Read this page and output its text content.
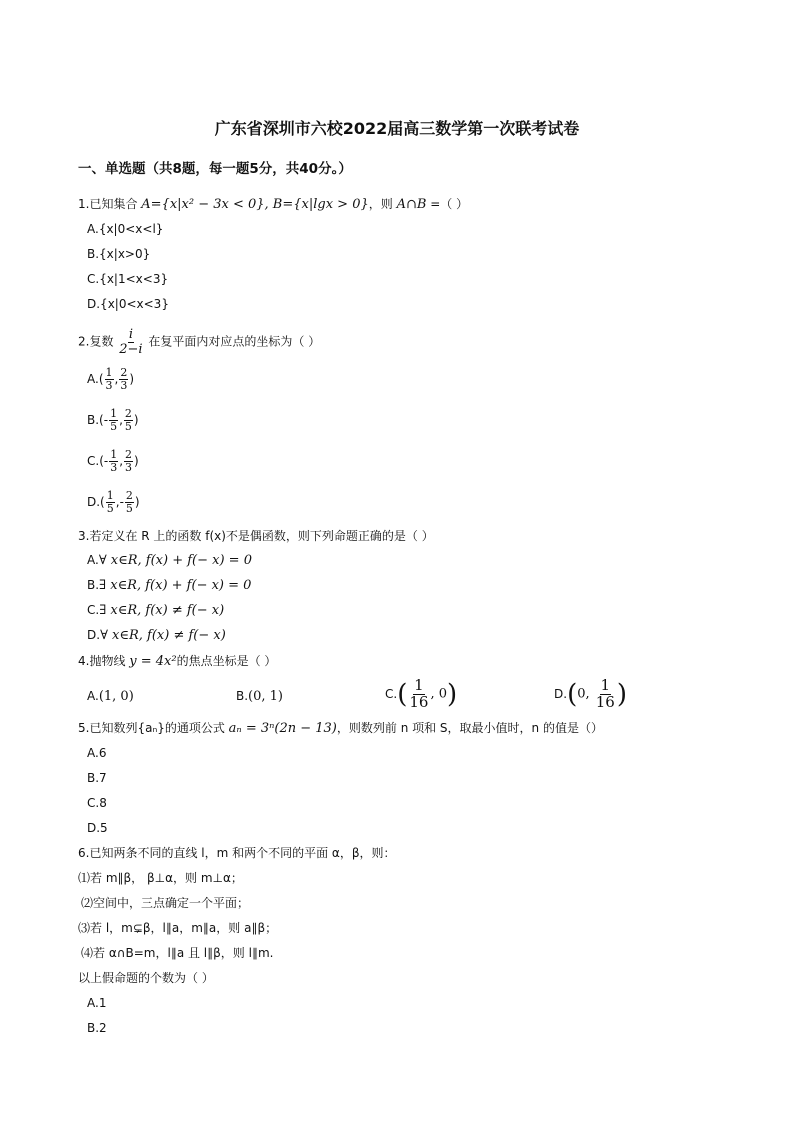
广东省深圳市六校2022届高三数学第一次联考试卷
一、单选题（共8题，每一题5分，共40分。）
1.已知集合 A={x|x² − 3x < 0}, B={x|lgx > 0}，则 A∩B =（ ）
A.{x|0<x<l}
B.{x|x>0}
C.{x|1<x<3}
D.{x|0<x<3}
2.复数 $\frac{i}{2-i}$ 在复平面内对应点的坐标为（ ）
$A.( \frac{1}{3}$ , $\frac{2}{3}$ )
$B.(- \frac{1}{5}$ , $\frac{2}{5}$ )
$C.(- \frac{1}{3}$ , $\frac{2}{3}$ )
$D.( \frac{1}{5}$ ,- $\frac{2}{5}$ )
3.若定义在 R 上的函数 f(x)不是偶函数，则下列命题正确的是（ ）
A.∀ x∈R, f(x) + f(− x) = 0
B.∃ x∈R, f(x) + f(− x) = 0
C.∃ x∈R, f(x) ≠ f(− x)
D.∀ x∈R, f(x) ≠ f(− x)
4.抛物线 y = 4x²的焦点坐标是（ ）
A.(1, 0)	B.(0, 1)	$C.( \frac{1}{16}$ , 0)	D.(0, $\frac{1}{16}$ )
5.已知数列{aₙ}的通项公式 aₙ = 3ⁿ(2n − 13)，则数列前 n 项和 S，取最小值时，n 的值是（）
A.6
B.7
C.8
D.5
6.已知两条不同的直线 l，m 和两个不同的平面 α，β，则：
⑴若 m∥β， β⊥α，则 m⊥α；
⑵空间中，三点确定一个平面；
⑶若 l，m⊊β，l∥a，m∥a，则 a∥β；
⑷若 α∩B=m，l∥a 且 l∥β，则 l∥m.
以上假命题的个数为（ ）
A.1
B.2
